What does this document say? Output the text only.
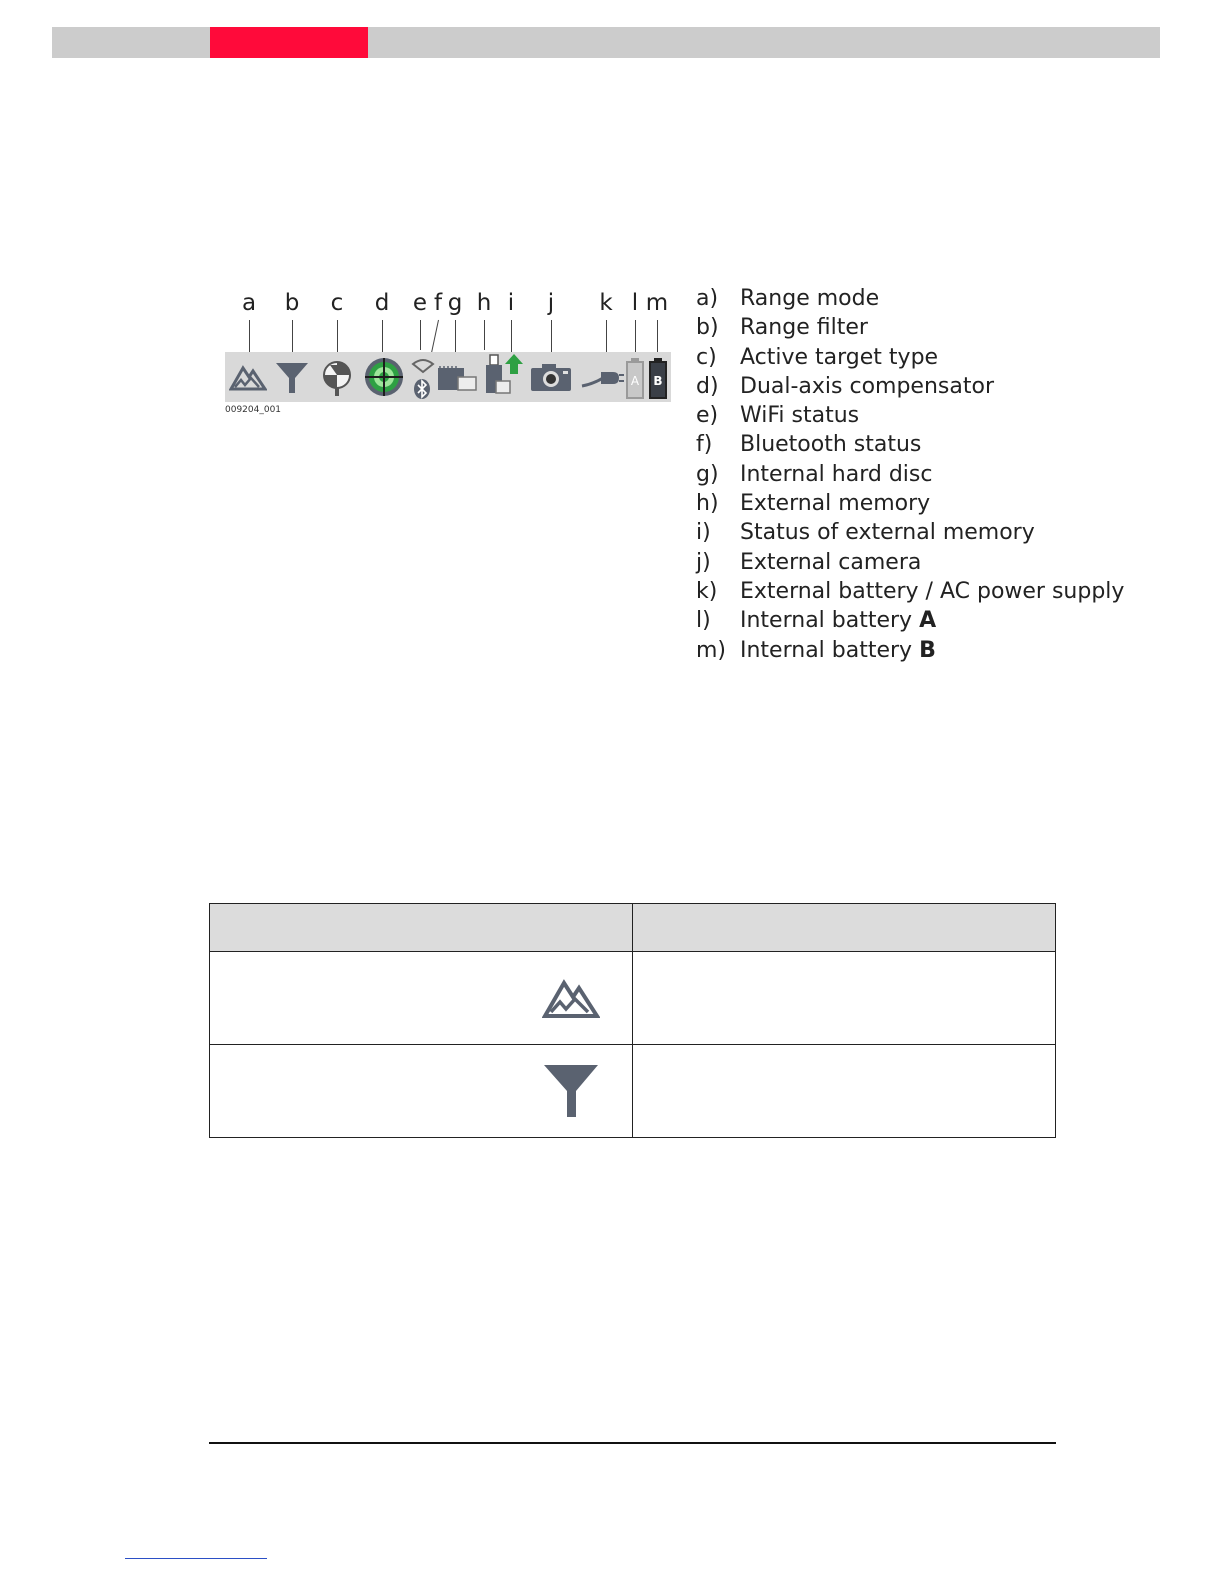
a b c d e f g h i j k l m
A B
009204_001
a) Range mode
b) Range filter
c) Active target type
d) Dual-axis compensator
e) WiFi status
f) Bluetooth status
g) Internal hard disc
h) External memory
i) Status of external memory
j) External camera
k) External battery / AC power supply
l) Internal battery A
m) Internal battery B
